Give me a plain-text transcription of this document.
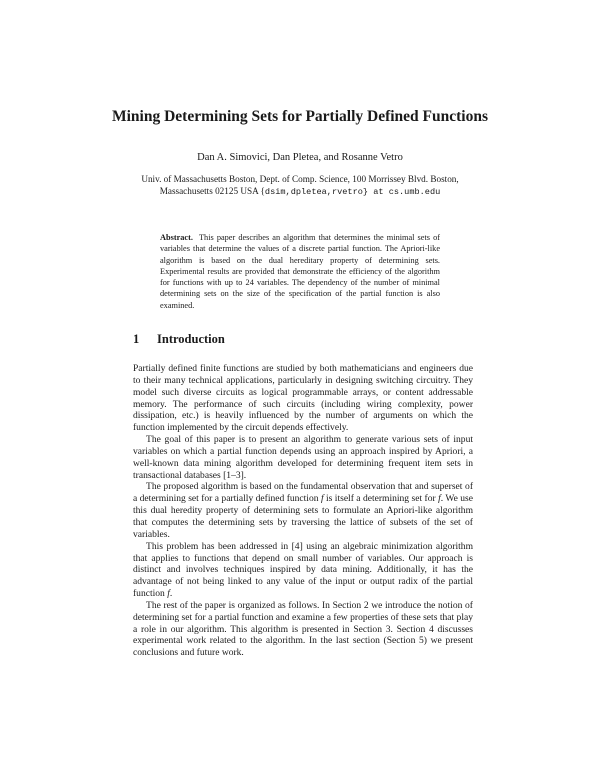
Mining Determining Sets for Partially Defined Functions
Dan A. Simovici, Dan Pletea, and Rosanne Vetro
Univ. of Massachusetts Boston, Dept. of Comp. Science, 100 Morrissey Blvd. Boston,
Massachusetts 02125 USA {dsim,dpletea,rvetro} at cs.umb.edu

Abstract. This paper describes an algorithm that determines the minimal sets of variables that determine the values of a discrete partial function. The Apriori-like algorithm is based on the dual hereditary property of determining sets. Experimental results are provided that demonstrate the efficiency of the algorithm for functions with up to 24 variables. The dependency of the number of minimal determining sets on the size of the specification of the partial function is also examined.

1 Introduction

Partially defined finite functions are studied by both mathematicians and engineers due to their many technical applications, particularly in designing switching circuitry. They model such diverse circuits as logical programmable arrays, or content addressable memory. The performance of such circuits (including wiring complexity, power dissipation, etc.) is heavily influenced by the number of arguments on which the function implemented by the circuit depends effectively.

The goal of this paper is to present an algorithm to generate various sets of input variables on which a partial function depends using an approach inspired by Apriori, a well-known data mining algorithm developed for determining frequent item sets in transactional databases [1–3].

The proposed algorithm is based on the fundamental observation that and superset of a determining set for a partially defined function f is itself a determining set for f. We use this dual heredity property of determining sets to formulate an Apriori-like algorithm that computes the determining sets by traversing the lattice of subsets of the set of variables.

This problem has been addressed in [4] using an algebraic minimization algorithm that applies to functions that depend on small number of variables. Our approach is distinct and involves techniques inspired by data mining. Additionally, it has the advantage of not being linked to any value of the input or output radix of the partial function f.

The rest of the paper is organized as follows. In Section 2 we introduce the notion of determining set for a partial function and examine a few properties of these sets that play a role in our algorithm. This algorithm is presented in Section 3. Section 4 discusses experimental work related to the algorithm. In the last section (Section 5) we present conclusions and future work.
